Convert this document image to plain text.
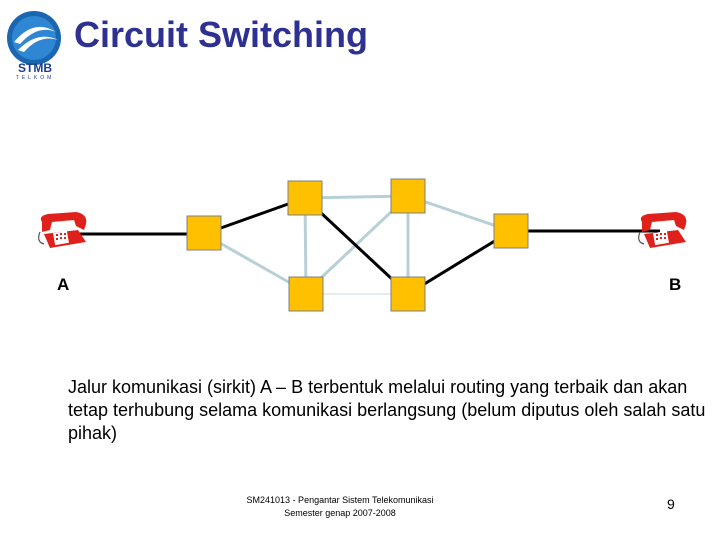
STMB
TELKOM
Circuit Switching
A	B
Jalur komunikasi (sirkit) A – B terbentuk melalui routing yang terbaik dan akan tetap terhubung selama komunikasi berlangsung (belum diputus oleh salah satu pihak)
SM241013 - Pengantar Sistem Telekomunikasi
Semester genap 2007-2008
9
